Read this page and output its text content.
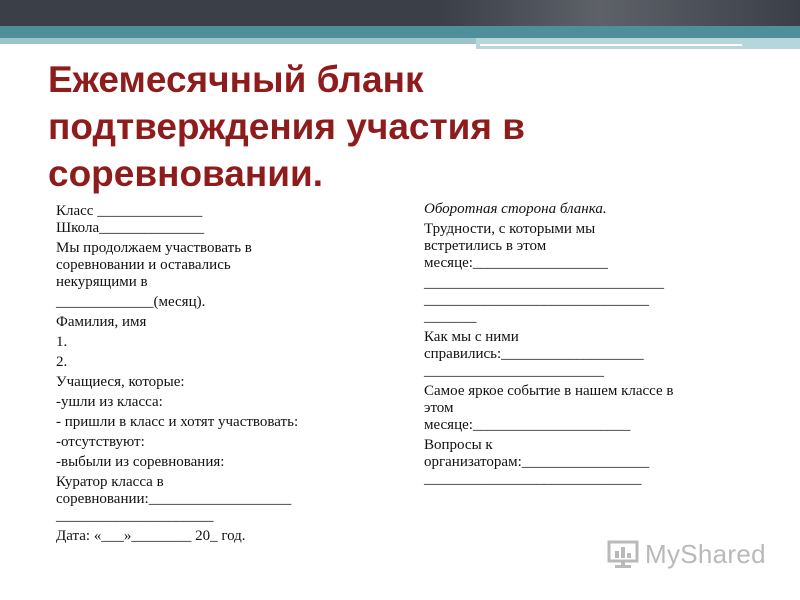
Ежемесячный бланк подтверждения участия в соревновании.
Класс ______________
Школа______________
Мы продолжаем участвовать в
соревновании и оставались
некурящими в
_____________(месяц).
Фамилия, имя
1.
2.
Учащиеся, которые:
-ушли из класса:
- пришли в класс и хотят участвовать:
-отсутствуют:
-выбыли из соревнования:
Куратор класса в
соревновании:___________________
_____________________
Дата: «___»________ 20_ год.
Оборотная сторона бланка.
Трудности, с которыми мы
встретились в этом
месяце:__________________
________________________________
______________________________
_______
Как мы с ними
справились:___________________
________________________
Самое яркое событие в нашем классе в
этом
месяце:_____________________
Вопросы к
организаторам:_________________
_____________________________
MyShared
